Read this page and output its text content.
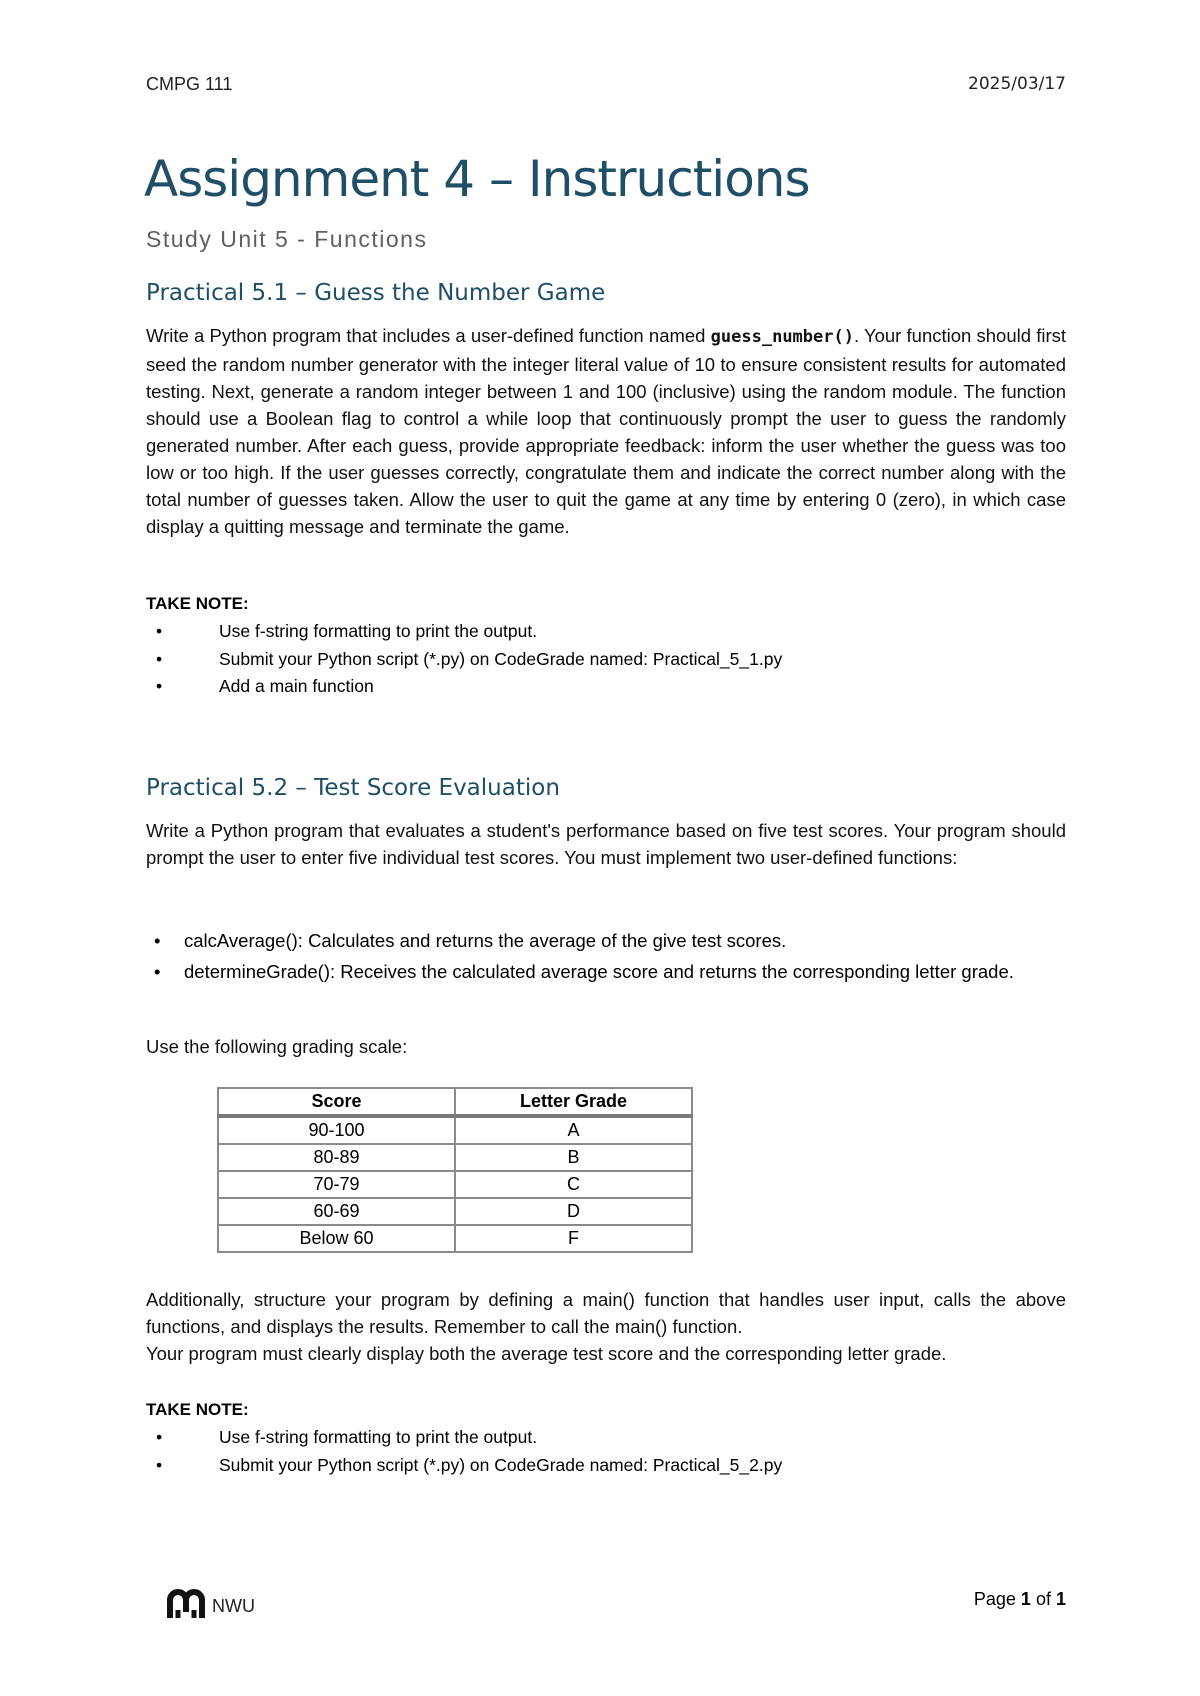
CMPG 111	2025/03/17
Assignment 4 – Instructions
Study Unit 5 - Functions
Practical 5.1 – Guess the Number Game
Write a Python program that includes a user-defined function named guess_number(). Your function should first seed the random number generator with the integer literal value of 10 to ensure consistent results for automated testing. Next, generate a random integer between 1 and 100 (inclusive) using the random module. The function should use a Boolean flag to control a while loop that continuously prompt the user to guess the randomly generated number. After each guess, provide appropriate feedback: inform the user whether the guess was too low or too high. If the user guesses correctly, congratulate them and indicate the correct number along with the total number of guesses taken. Allow the user to quit the game at any time by entering 0 (zero), in which case display a quitting message and terminate the game.
TAKE NOTE:
•	Use f-string formatting to print the output.
•	Submit your Python script (*.py) on CodeGrade named: Practical_5_1.py
•	Add a main function
Practical 5.2 – Test Score Evaluation
Write a Python program that evaluates a student's performance based on five test scores. Your program should prompt the user to enter five individual test scores. You must implement two user-defined functions:
• calcAverage(): Calculates and returns the average of the give test scores.
• determineGrade(): Receives the calculated average score and returns the corresponding letter grade.
Use the following grading scale:
Score	Letter Grade
90-100	A
80-89	B
70-79	C
60-69	D
Below 60	F
Additionally, structure your program by defining a main() function that handles user input, calls the above functions, and displays the results. Remember to call the main() function.
Your program must clearly display both the average test score and the corresponding letter grade.
TAKE NOTE:
•	Use f-string formatting to print the output.
•	Submit your Python script (*.py) on CodeGrade named: Practical_5_2.py
NWU	Page 1 of 1
